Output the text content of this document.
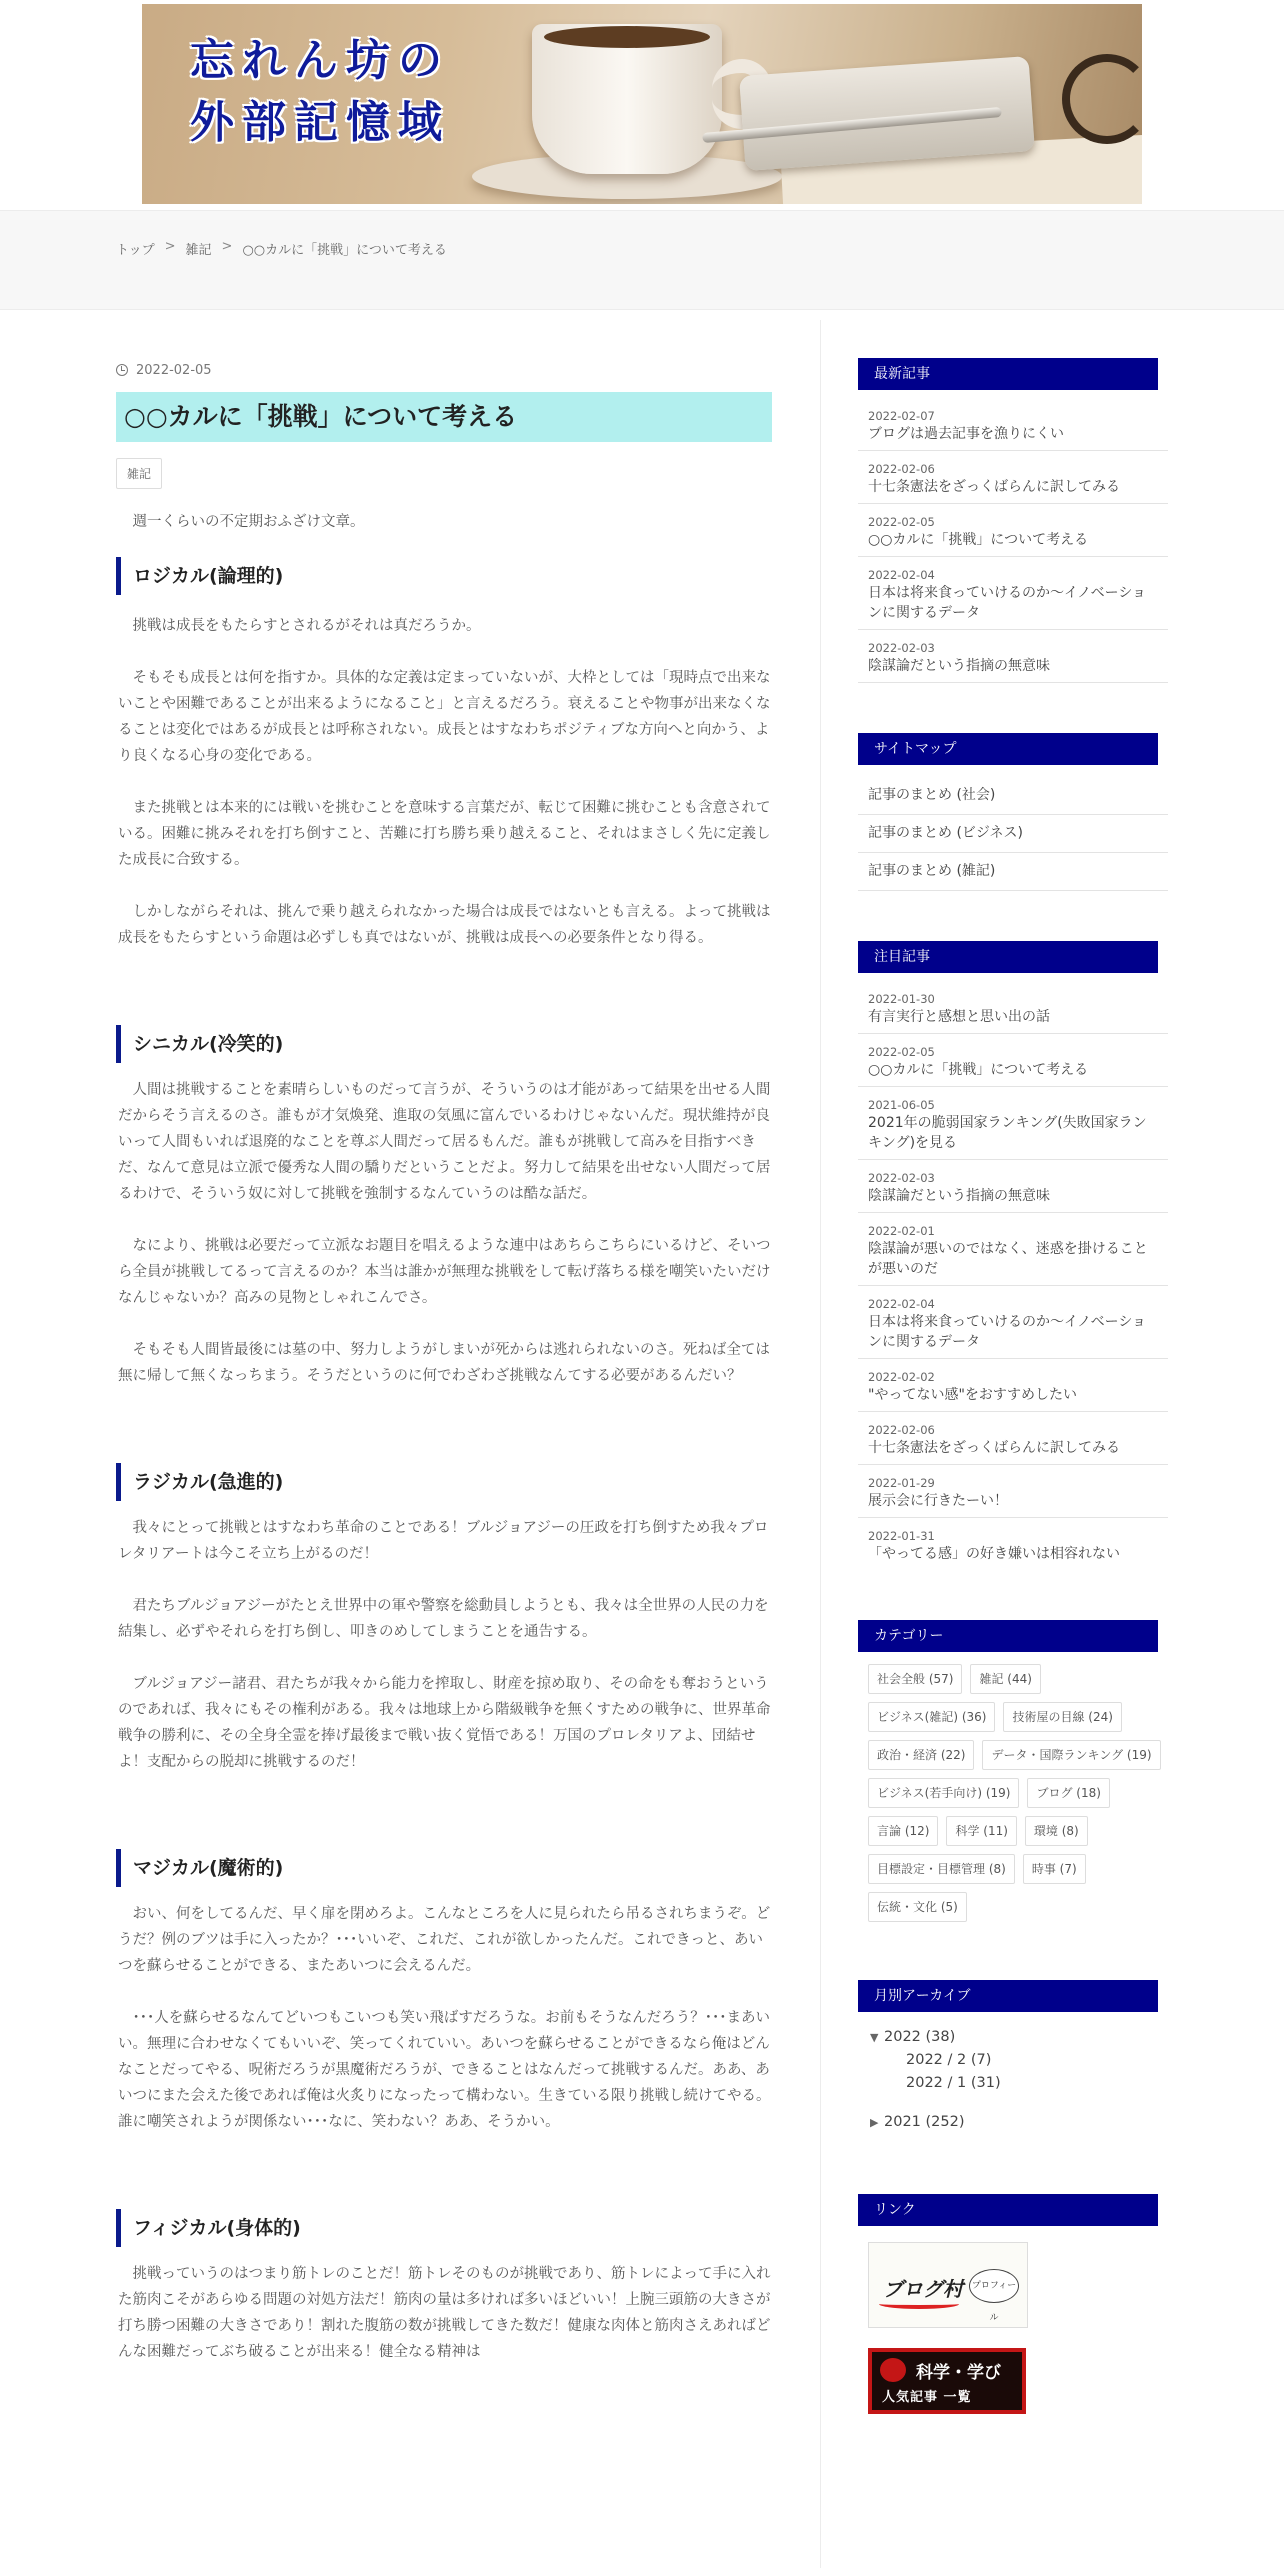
忘れん坊の
外部記憶域
トップ > 雑記 > ○○カルに「挑戦」について考える
2022-02-05
○○カルに「挑戦」について考える
雑記

週一くらいの不定期おふざけ文章。

ロジカル(論理的)

挑戦は成長をもたらすとされるがそれは真だろうか。

そもそも成長とは何を指すか。具体的な定義は定まっていないが、大枠としては「現時点で出来ないことや困難であることが出来るようになること」と言えるだろう。衰えることや物事が出来なくなることは変化ではあるが成長とは呼称されない。成長とはすなわちポジティブな方向へと向かう、より良くなる心身の変化である。

また挑戦とは本来的には戦いを挑むことを意味する言葉だが、転じて困難に挑むことも含意されている。困難に挑みそれを打ち倒すこと、苦難に打ち勝ち乗り越えること、それはまさしく先に定義した成長に合致する。

しかしながらそれは、挑んで乗り越えられなかった場合は成長ではないとも言える。よって挑戦は成長をもたらすという命題は必ずしも真ではないが、挑戦は成長への必要条件となり得る。

シニカル(冷笑的)

人間は挑戦することを素晴らしいものだって言うが、そういうのは才能があって結果を出せる人間だからそう言えるのさ。誰もが才気煥発、進取の気風に富んでいるわけじゃないんだ。現状維持が良いって人間もいれば退廃的なことを尊ぶ人間だって居るもんだ。誰もが挑戦して高みを目指すべきだ、なんて意見は立派で優秀な人間の驕りだということだよ。努力して結果を出せない人間だって居るわけで、そういう奴に対して挑戦を強制するなんていうのは酷な話だ。

なにより、挑戦は必要だって立派なお題目を唱えるような連中はあちらこちらにいるけど、そいつら全員が挑戦してるって言えるのか？本当は誰かが無理な挑戦をして転げ落ちる様を嘲笑いたいだけなんじゃないか？高みの見物としゃれこんでさ。

そもそも人間皆最後には墓の中、努力しようがしまいが死からは逃れられないのさ。死ねば全ては無に帰して無くなっちまう。そうだというのに何でわざわざ挑戦なんてする必要があるんだい？

ラジカル(急進的)

我々にとって挑戦とはすなわち革命のことである！ブルジョアジーの圧政を打ち倒すため我々プロレタリアートは今こそ立ち上がるのだ！

君たちブルジョアジーがたとえ世界中の軍や警察を総動員しようとも、我々は全世界の人民の力を結集し、必ずやそれらを打ち倒し、叩きのめしてしまうことを通告する。

ブルジョアジー諸君、君たちが我々から能力を搾取し、財産を掠め取り、その命をも奪おうというのであれば、我々にもその権利がある。我々は地球上から階級戦争を無くすための戦争に、世界革命戦争の勝利に、その全身全霊を捧げ最後まで戦い抜く覚悟である！万国のプロレタリアよ、団結せよ！支配からの脱却に挑戦するのだ！

マジカル(魔術的)

おい、何をしてるんだ、早く扉を閉めろよ。こんなところを人に見られたら吊るされちまうぞ。どうだ？例のブツは手に入ったか？･･･いいぞ、これだ、これが欲しかったんだ。これできっと、あいつを蘇らせることができる、またあいつに会えるんだ。

･･･人を蘇らせるなんてどいつもこいつも笑い飛ばすだろうな。お前もそうなんだろう？･･･まあいい。無理に合わせなくてもいいぞ、笑ってくれていい。あいつを蘇らせることができるなら俺はどんなことだってやる、呪術だろうが黒魔術だろうが、できることはなんだって挑戦するんだ。ああ、あいつにまた会えた後であれば俺は火炙りになったって構わない。生きている限り挑戦し続けてやる。誰に嘲笑されようが関係ない･･･なに、笑わない？ああ、そうかい。

フィジカル(身体的)

挑戦っていうのはつまり筋トレのことだ！筋トレそのものが挑戦であり、筋トレによって手に入れた筋肉こそがあらゆる問題の対処方法だ！筋肉の量は多ければ多いほどいい！上腕三頭筋の大きさが打ち勝つ困難の大きさであり！割れた腹筋の数が挑戦してきた数だ！健康な肉体と筋肉さえあればどんな困難だってぶち破ることが出来る！健全なる精神は

最新記事
2022-02-07
ブログは過去記事を漁りにくい
2022-02-06
十七条憲法をざっくばらんに訳してみる
2022-02-05
○○カルに「挑戦」について考える
2022-02-04
日本は将来食っていけるのか～イノベーションに関するデータ
2022-02-03
陰謀論だという指摘の無意味
サイトマップ
記事のまとめ (社会)
記事のまとめ (ビジネス)
記事のまとめ (雑記)
注目記事
2022-01-30
有言実行と感想と思い出の話
2022-02-05
○○カルに「挑戦」について考える
2021-06-05
2021年の脆弱国家ランキング(失敗国家ランキング)を見る
2022-02-03
陰謀論だという指摘の無意味
2022-02-01
陰謀論が悪いのではなく、迷惑を掛けることが悪いのだ
2022-02-04
日本は将来食っていけるのか～イノベーションに関するデータ
2022-02-02
"やってない感"をおすすめしたい
2022-02-06
十七条憲法をざっくばらんに訳してみる
2022-01-29
展示会に行きたーい！
2022-01-31
「やってる感」の好き嫌いは相容れない
カテゴリー
社会全般 (57)	雑記 (44)
ビジネス(雑記) (36)	技術屋の目線 (24)
政治・経済 (22)	データ・国際ランキング (19)
ビジネス(若手向け) (19)	ブログ (18)
言論 (12)	科学 (11)	環境 (8)
目標設定・目標管理 (8)	時事 (7)
伝統・文化 (5)
月別アーカイブ
▼ 2022 (38)
2022 / 2 (7)
2022 / 1 (31)
▶ 2021 (252)
リンク
ブログ村 プロフィール
科学・学び
人気記事 一覧
